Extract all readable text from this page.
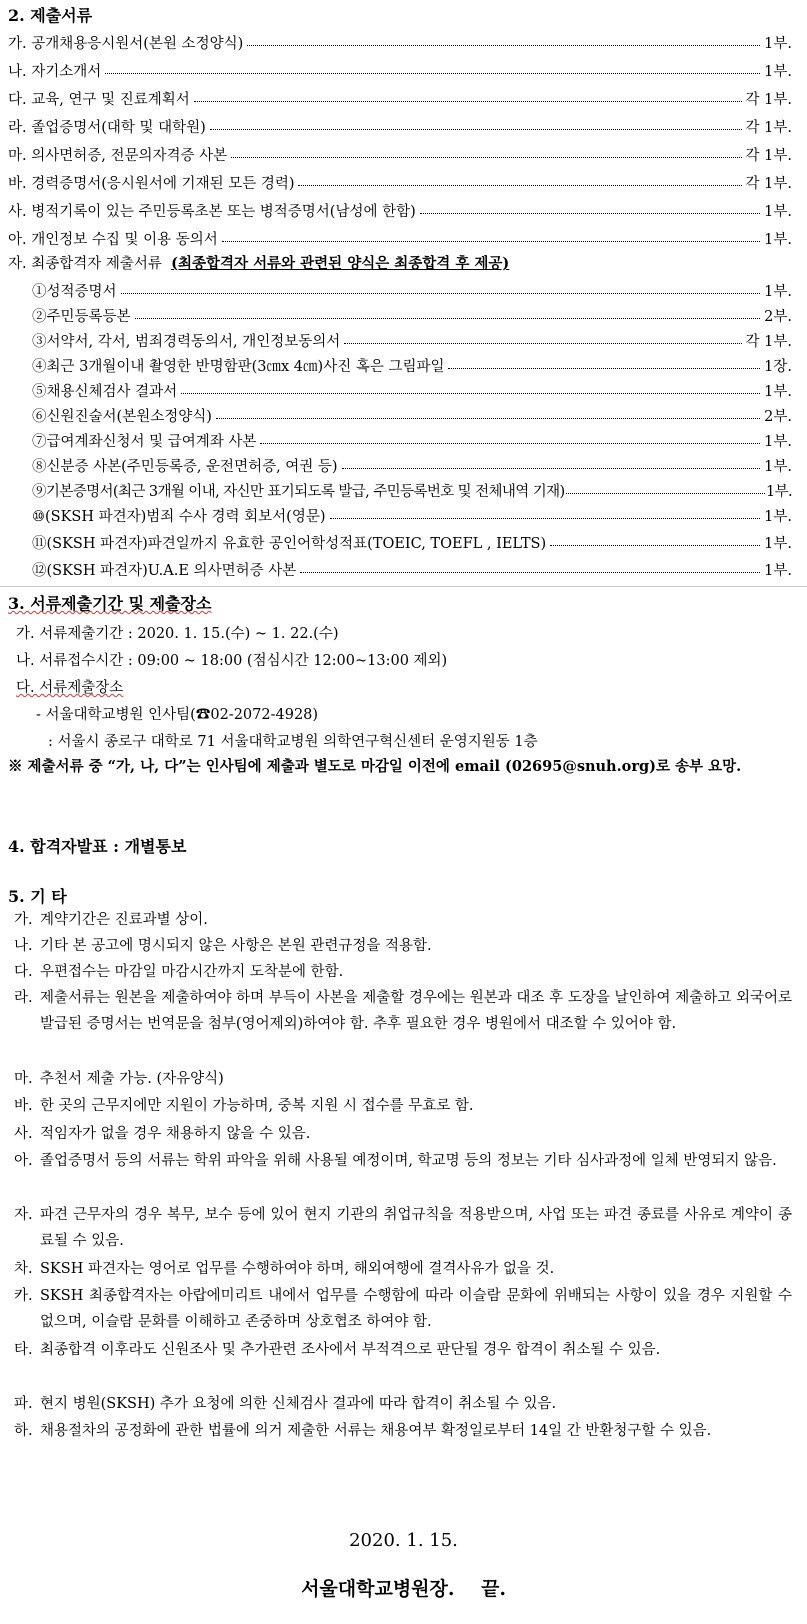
2. 제출서류
가. 공개채용응시원서(본원 소정양식)	1부.
나. 자기소개서	1부.
다. 교육, 연구 및 진료계획서	각 1부.
라. 졸업증명서(대학 및 대학원)	각 1부.
마. 의사면허증, 전문의자격증 사본	각 1부.
바. 경력증명서(응시원서에 기재된 모든 경력)	각 1부.
사. 병적기록이 있는 주민등록초본 또는 병적증명서(남성에 한함)	1부.
아. 개인정보 수집 및 이용 동의서	1부.
자. 최종합격자 제출서류 (최종합격자 서류와 관련된 양식은 최종합격 후 제공)
①성적증명서	1부.
②주민등록등본	2부.
③서약서, 각서, 범죄경력동의서, 개인정보동의서	각 1부.
④최근 3개월이내 촬영한 반명함판(3㎝x 4㎝)사진 혹은 그림파일	1장.
⑤채용신체검사 결과서	1부.
⑥신원진술서(본원소정양식)	2부.
⑦급여계좌신청서 및 급여계좌 사본	1부.
⑧신분증 사본(주민등록증, 운전면허증, 여권 등)	1부.
⑨기본증명서(최근 3개월 이내, 자신만 표기되도록 발급, 주민등록번호 및 전체내역 기재)	1부.
⑩(SKSH 파견자)범죄 수사 경력 회보서(영문)	1부.
⑪(SKSH 파견자)파견일까지 유효한 공인어학성적표(TOEIC, TOEFL , IELTS)	1부.
⑫(SKSH 파견자)U.A.E 의사면허증 사본	1부.
3. 서류제출기간 및 제출장소
가. 서류제출기간 : 2020. 1. 15.(수) ~ 1. 22.(수)
나. 서류접수시간 : 09:00 ~ 18:00 (점심시간 12:00~13:00 제외)
다. 서류제출장소
- 서울대학교병원 인사팀(☎02-2072-4928)
: 서울시 종로구 대학로 71 서울대학교병원 의학연구혁신센터 운영지원동 1층
※ 제출서류 중 “가, 나, 다”는 인사팀에 제출과 별도로 마감일 이전에 email (02695@snuh.org)로 송부 요망.
4. 합격자발표 : 개별통보
5. 기 타
가. 계약기간은 진료과별 상이.
나. 기타 본 공고에 명시되지 않은 사항은 본원 관련규정을 적용함.
다. 우편접수는 마감일 마감시간까지 도착분에 한함.
라. 제출서류는 원본을 제출하여야 하며 부득이 사본을 제출할 경우에는 원본과 대조 후 도장을 날인하여 제출하고 외국어로 발급된 증명서는 번역문을 첨부(영어제외)하여야 함. 추후 필요한 경우 병원에서 대조할 수 있어야 함.
마. 추천서 제출 가능. (자유양식)
바. 한 곳의 근무지에만 지원이 가능하며, 중복 지원 시 접수를 무효로 함.
사. 적임자가 없을 경우 채용하지 않을 수 있음.
아. 졸업증명서 등의 서류는 학위 파악을 위해 사용될 예정이며, 학교명 등의 정보는 기타 심사과정에 일체 반영되지 않음.
자. 파견 근무자의 경우 복무, 보수 등에 있어 현지 기관의 취업규칙을 적용받으며, 사업 또는 파견 종료를 사유로 계약이 종료될 수 있음.
차. SKSH 파견자는 영어로 업무를 수행하여야 하며, 해외여행에 결격사유가 없을 것.
카. SKSH 최종합격자는 아랍에미리트 내에서 업무를 수행함에 따라 이슬람 문화에 위배되는 사항이 있을 경우 지원할 수 없으며, 이슬람 문화를 이해하고 존중하며 상호협조 하여야 함.
타. 최종합격 이후라도 신원조사 및 추가관련 조사에서 부적격으로 판단될 경우 합격이 취소될 수 있음.
파. 현지 병원(SKSH) 추가 요청에 의한 신체검사 결과에 따라 합격이 취소될 수 있음.
하. 채용절차의 공정화에 관한 법률에 의거 제출한 서류는 채용여부 확정일로부터 14일 간 반환청구할 수 있음.
2020. 1. 15.
서울대학교병원장.    끝.
